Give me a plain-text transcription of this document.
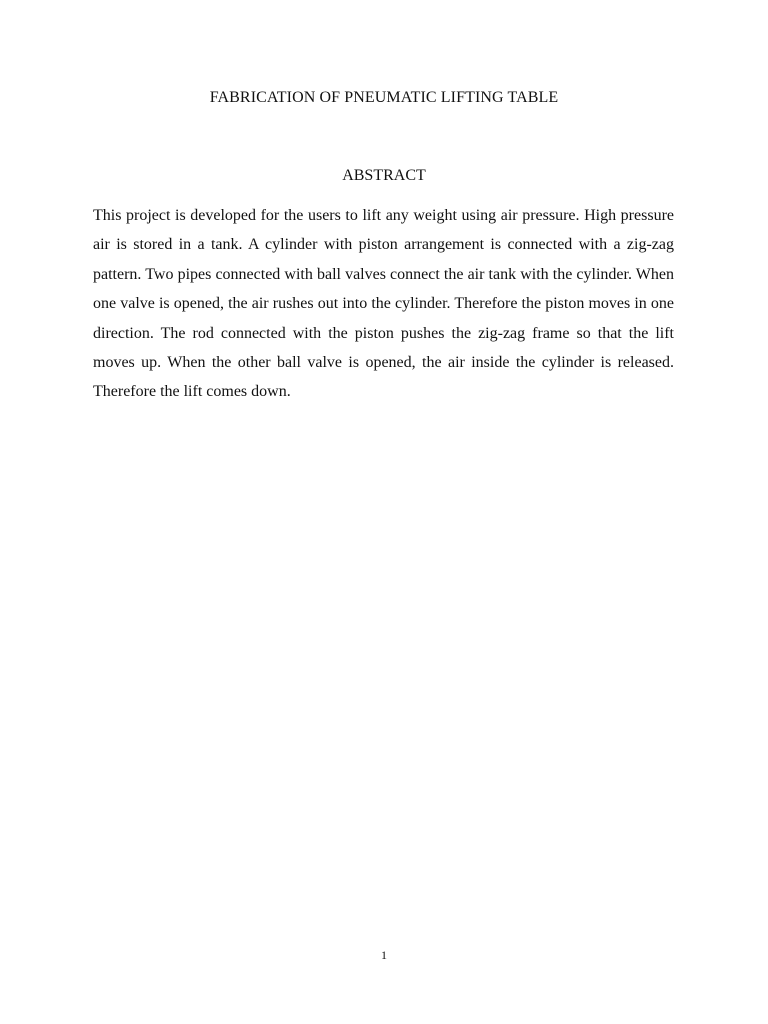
FABRICATION OF PNEUMATIC LIFTING TABLE
ABSTRACT

This project is developed for the users to lift any weight using air pressure. High pressure air is stored in a tank. A cylinder with piston arrangement is connected with a zig-zag pattern. Two pipes connected with ball valves connect the air tank with the cylinder. When one valve is opened, the air rushes out into the cylinder. Therefore the piston moves in one direction. The rod connected with the piston pushes the zig-zag frame so that the lift moves up. When the other ball valve is opened, the air inside the cylinder is released. Therefore the lift comes down.

1
